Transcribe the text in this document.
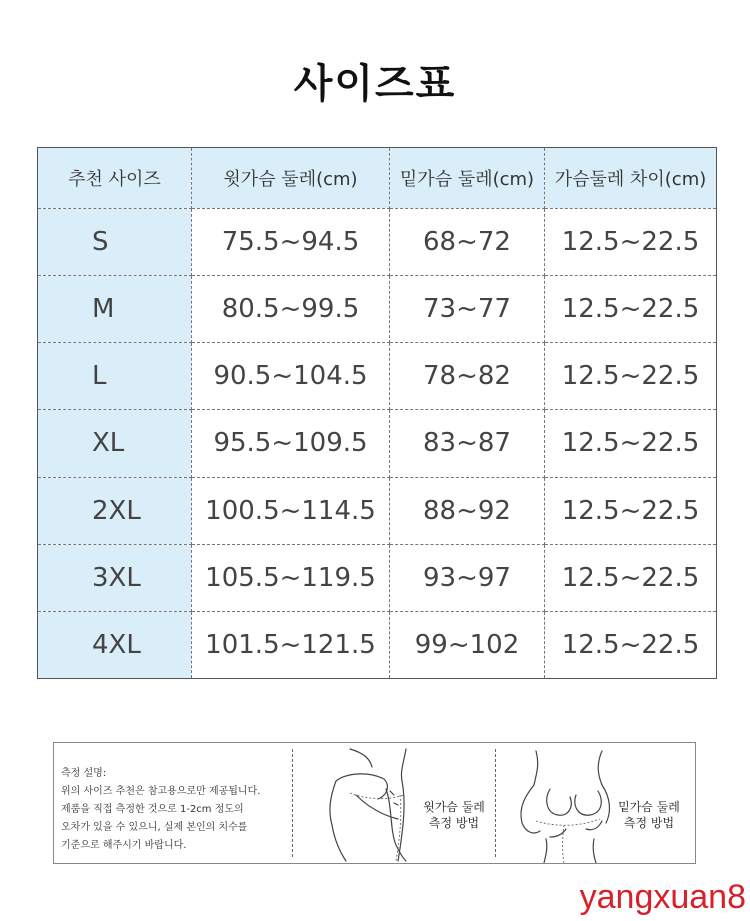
사이즈표
추천 사이즈	윗가슴 둘레(cm)	밑가슴 둘레(cm)	가슴둘레 차이(cm)
S	75.5~94.5	68~72	12.5~22.5
M	80.5~99.5	73~77	12.5~22.5
L	90.5~104.5	78~82	12.5~22.5
XL	95.5~109.5	83~87	12.5~22.5
2XL	100.5~114.5	88~92	12.5~22.5
3XL	105.5~119.5	93~97	12.5~22.5
4XL	101.5~121.5	99~102	12.5~22.5
측정 설명:
위의 사이즈 추천은 참고용으로만 제공됩니다.
제품을 직접 측정한 것으로 1-2cm 정도의
오차가 있을 수 있으니, 실제 본인의 치수를
기준으로 해주시기 바랍니다.
윗가슴 둘레
측정 방법
밑가슴 둘레
측정 방법
yangxuan8
